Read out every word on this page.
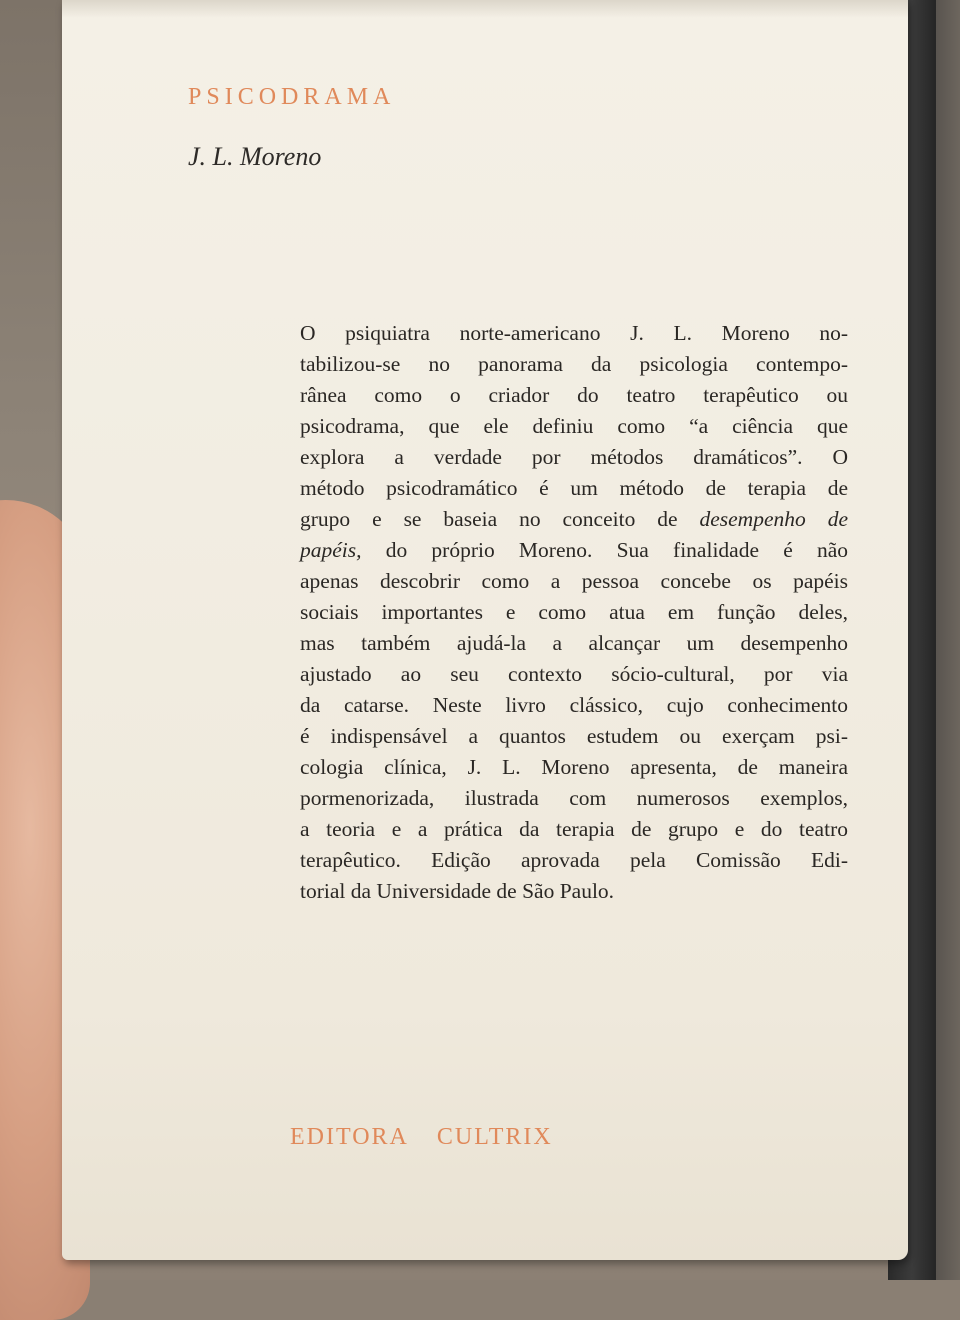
PSICODRAMA

J. L. Moreno

O psiquiatra norte-americano J. L. Moreno no-
tabilizou-se no panorama da psicologia contempo-
rânea como o criador do teatro terapêutico ou
psicodrama, que ele definiu como “a ciência que
explora a verdade por métodos dramáticos”. O
método psicodramático é um método de terapia de
grupo e se baseia no conceito de desempenho de
papéis, do próprio Moreno. Sua finalidade é não
apenas descobrir como a pessoa concebe os papéis
sociais importantes e como atua em função deles,
mas também ajudá-la a alcançar um desempenho
ajustado ao seu contexto sócio-cultural, por via
da catarse. Neste livro clássico, cujo conhecimento
é indispensável a quantos estudem ou exerçam psi-
cologia clínica, J. L. Moreno apresenta, de maneira
pormenorizada, ilustrada com numerosos exemplos,
a teoria e a prática da terapia de grupo e do teatro
terapêutico. Edição aprovada pela Comissão Edi-
torial da Universidade de São Paulo.

EDITORA CULTRIX
